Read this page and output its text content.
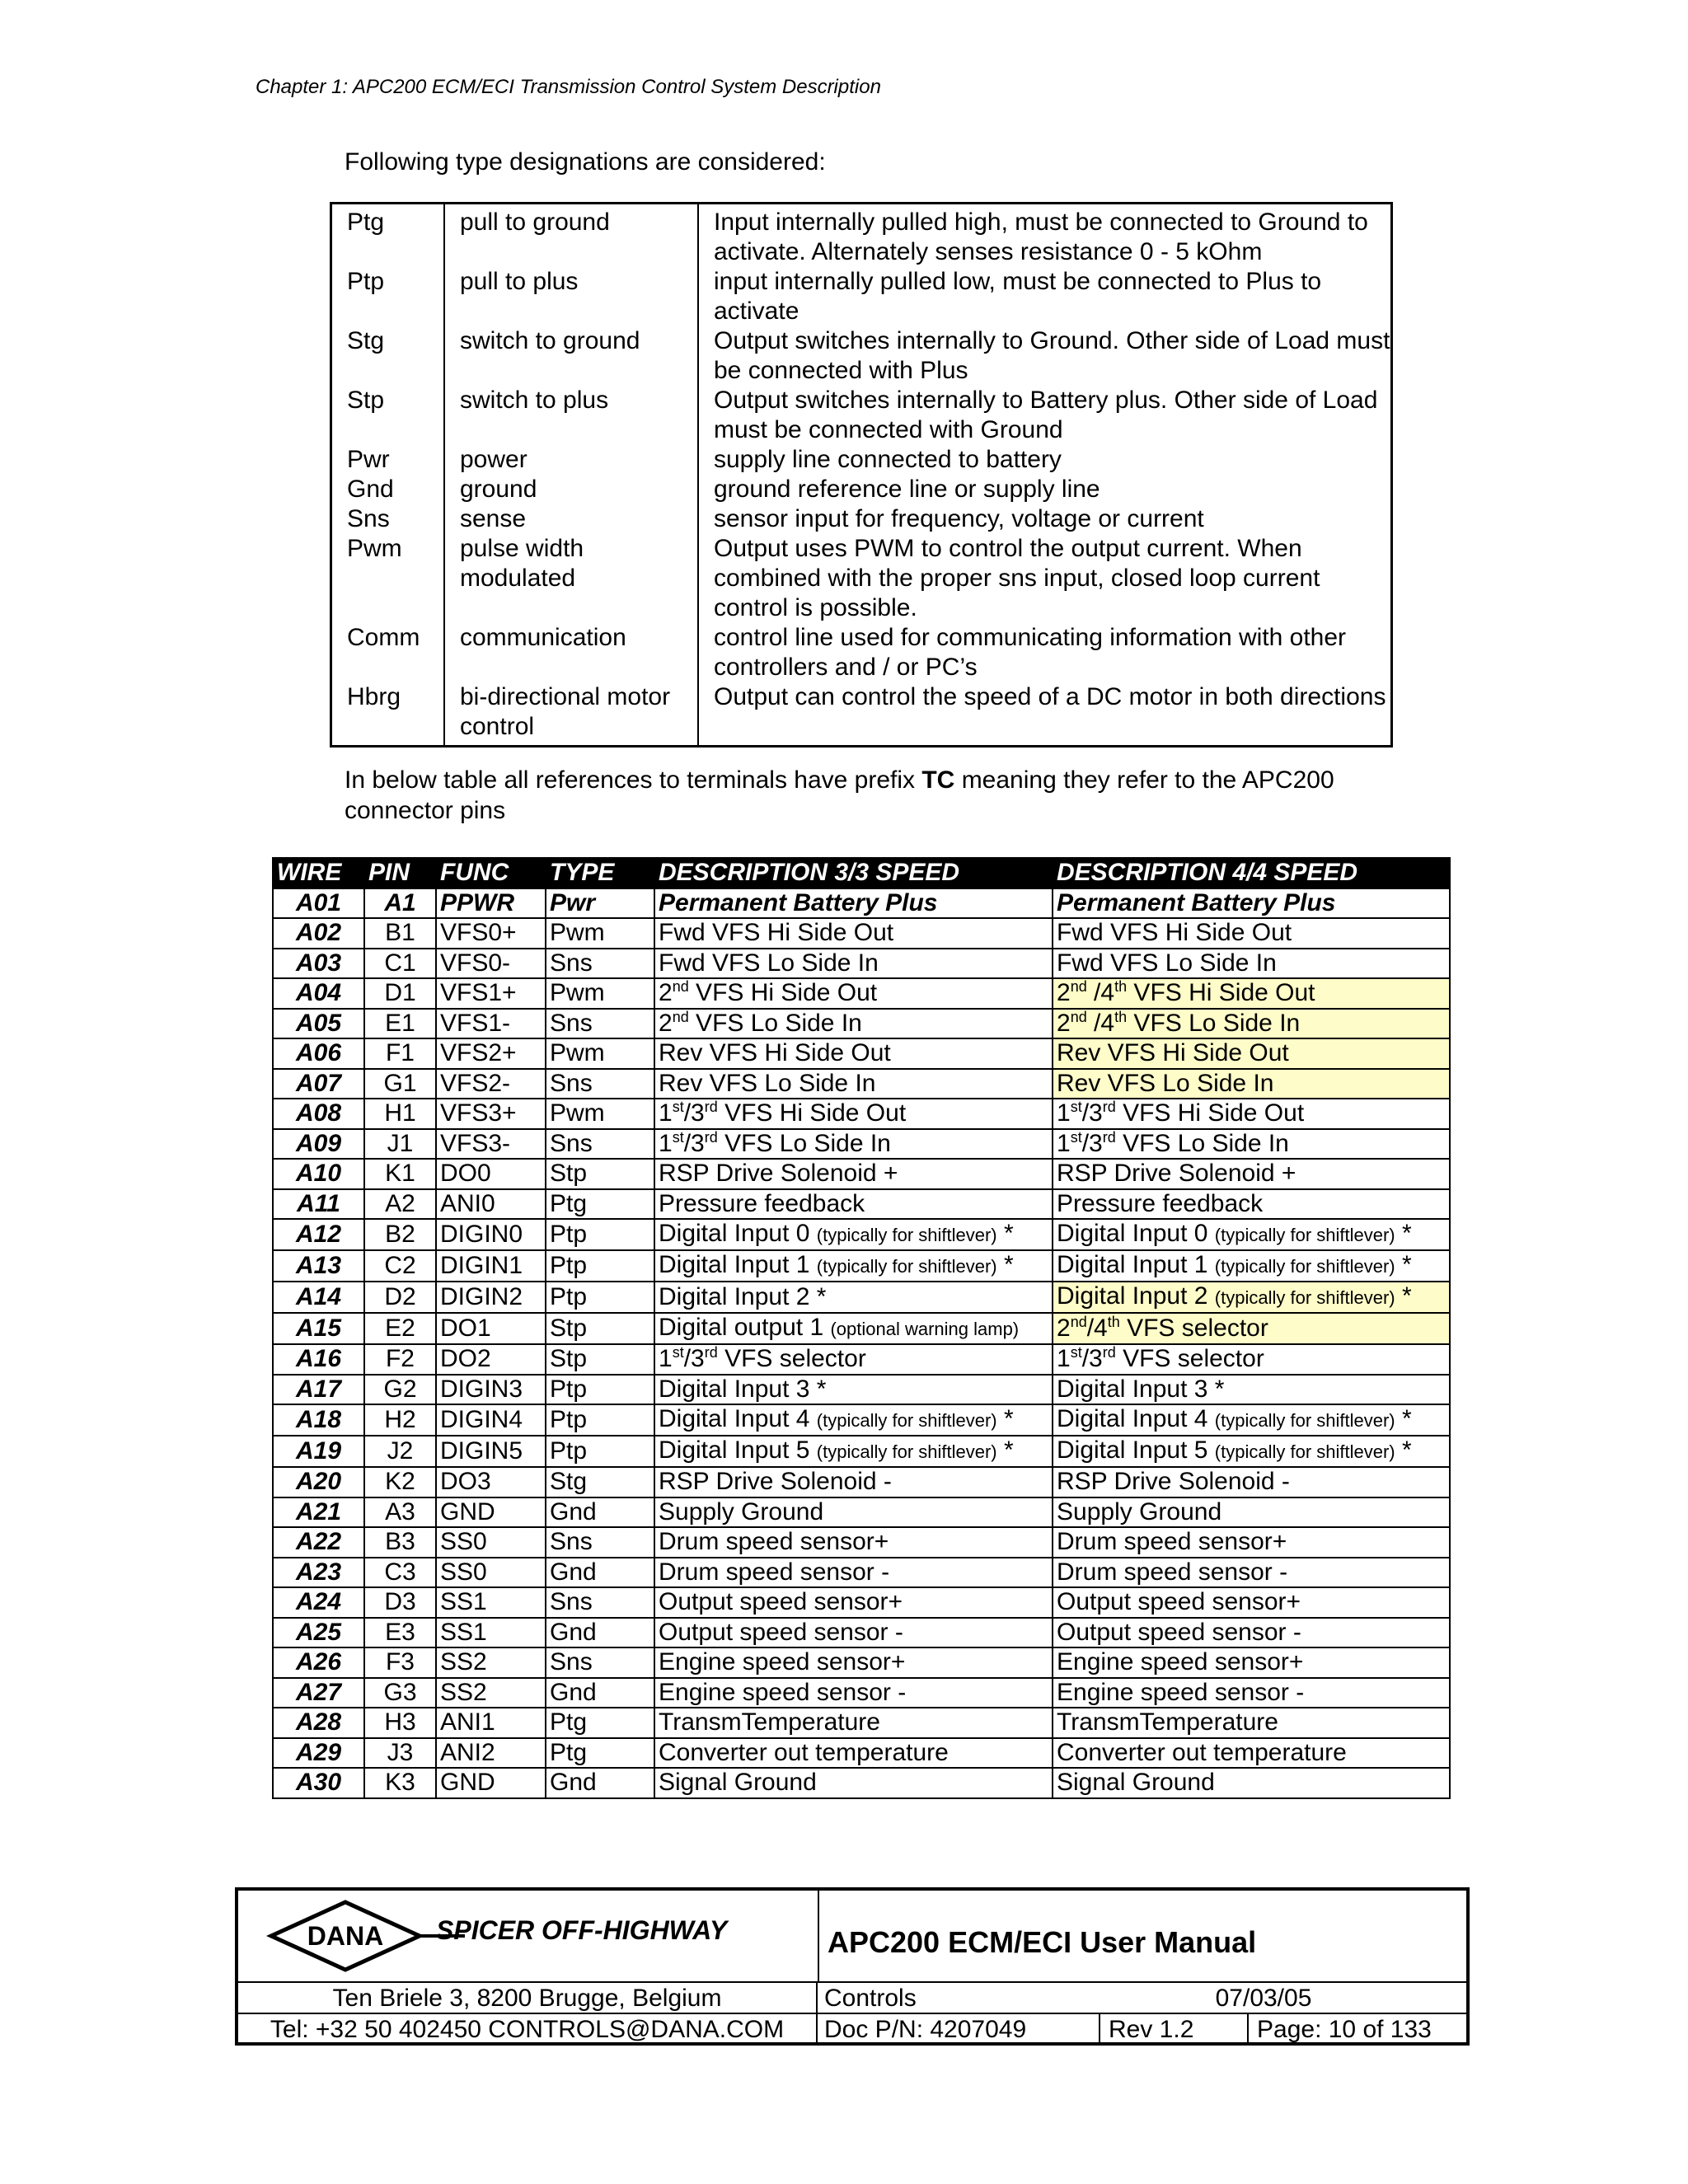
Chapter 1: APC200 ECM/ECI Transmission Control System Description
Following type designations are considered:
Ptg	pull to ground	Input internally pulled high, must be connected to Ground to activate. Alternately senses resistance 0 - 5 kOhm
Ptp	pull to plus	input internally pulled low, must be connected to Plus to activate
Stg	switch to ground	Output switches internally to Ground. Other side of Load must be connected with Plus
Stp	switch to plus	Output switches internally to Battery plus. Other side of Load must be connected with Ground
Pwr	power	supply line connected to battery
Gnd	ground	ground reference line or supply line
Sns	sense	sensor input for frequency, voltage or current
Pwm	pulse width modulated	Output uses PWM to control the output current. When combined with the proper sns input, closed loop current control is possible.
Comm	communication	control line used for communicating information with other controllers and / or PC’s
Hbrg	bi-directional motor control	Output can control the speed of a DC motor in both directions
In below table all references to terminals have prefix TC meaning they refer to the APC200 connector pins
WIRE	PIN	FUNC	TYPE	DESCRIPTION 3/3 SPEED	DESCRIPTION 4/4 SPEED
A01	A1	PPWR	Pwr	Permanent Battery Plus	Permanent Battery Plus
A02	B1	VFS0+	Pwm	Fwd VFS Hi Side Out	Fwd VFS Hi Side Out
A03	C1	VFS0-	Sns	Fwd VFS Lo Side In	Fwd VFS Lo Side In
A04	D1	VFS1+	Pwm	2nd VFS Hi Side Out	2nd /4th VFS Hi Side Out
A05	E1	VFS1-	Sns	2nd VFS Lo Side In	2nd /4th VFS Lo Side In
A06	F1	VFS2+	Pwm	Rev VFS Hi Side Out	Rev VFS Hi Side Out
A07	G1	VFS2-	Sns	Rev VFS Lo Side In	Rev VFS Lo Side In
A08	H1	VFS3+	Pwm	1st/3rd VFS Hi Side Out	1st/3rd VFS Hi Side Out
A09	J1	VFS3-	Sns	1st/3rd VFS Lo Side In	1st/3rd VFS Lo Side In
A10	K1	DO0	Stp	RSP Drive Solenoid +	RSP Drive Solenoid +
A11	A2	ANI0	Ptg	Pressure feedback	Pressure feedback
A12	B2	DIGIN0	Ptp	Digital Input 0 (typically for shiftlever) *	Digital Input 0 (typically for shiftlever) *
A13	C2	DIGIN1	Ptp	Digital Input 1 (typically for shiftlever) *	Digital Input 1 (typically for shiftlever) *
A14	D2	DIGIN2	Ptp	Digital Input 2 *	Digital Input 2 (typically for shiftlever) *
A15	E2	DO1	Stp	Digital output 1 (optional warning lamp)	2nd/4th VFS selector
A16	F2	DO2	Stp	1st/3rd VFS selector	1st/3rd VFS selector
A17	G2	DIGIN3	Ptp	Digital Input 3 *	Digital Input 3 *
A18	H2	DIGIN4	Ptp	Digital Input 4 (typically for shiftlever) *	Digital Input 4 (typically for shiftlever) *
A19	J2	DIGIN5	Ptp	Digital Input 5 (typically for shiftlever) *	Digital Input 5 (typically for shiftlever) *
A20	K2	DO3	Stg	RSP Drive Solenoid -	RSP Drive Solenoid -
A21	A3	GND	Gnd	Supply Ground	Supply Ground
A22	B3	SS0	Sns	Drum speed sensor+	Drum speed sensor+
A23	C3	SS0	Gnd	Drum speed sensor -	Drum speed sensor -
A24	D3	SS1	Sns	Output speed sensor+	Output speed sensor+
A25	E3	SS1	Gnd	Output speed sensor -	Output speed sensor -
A26	F3	SS2	Sns	Engine speed sensor+	Engine speed sensor+
A27	G3	SS2	Gnd	Engine speed sensor -	Engine speed sensor -
A28	H3	ANI1	Ptg	TransmTemperature	TransmTemperature
A29	J3	ANI2	Ptg	Converter out temperature	Converter out temperature
A30	K3	GND	Gnd	Signal Ground	Signal Ground
DANA SPICER OFF-HIGHWAY	APC200 ECM/ECI User Manual
Ten Briele 3, 8200 Brugge, Belgium	Controls	07/03/05
Tel: +32 50 402450 CONTROLS@DANA.COM	Doc P/N: 4207049	Rev 1.2	Page: 10 of 133
